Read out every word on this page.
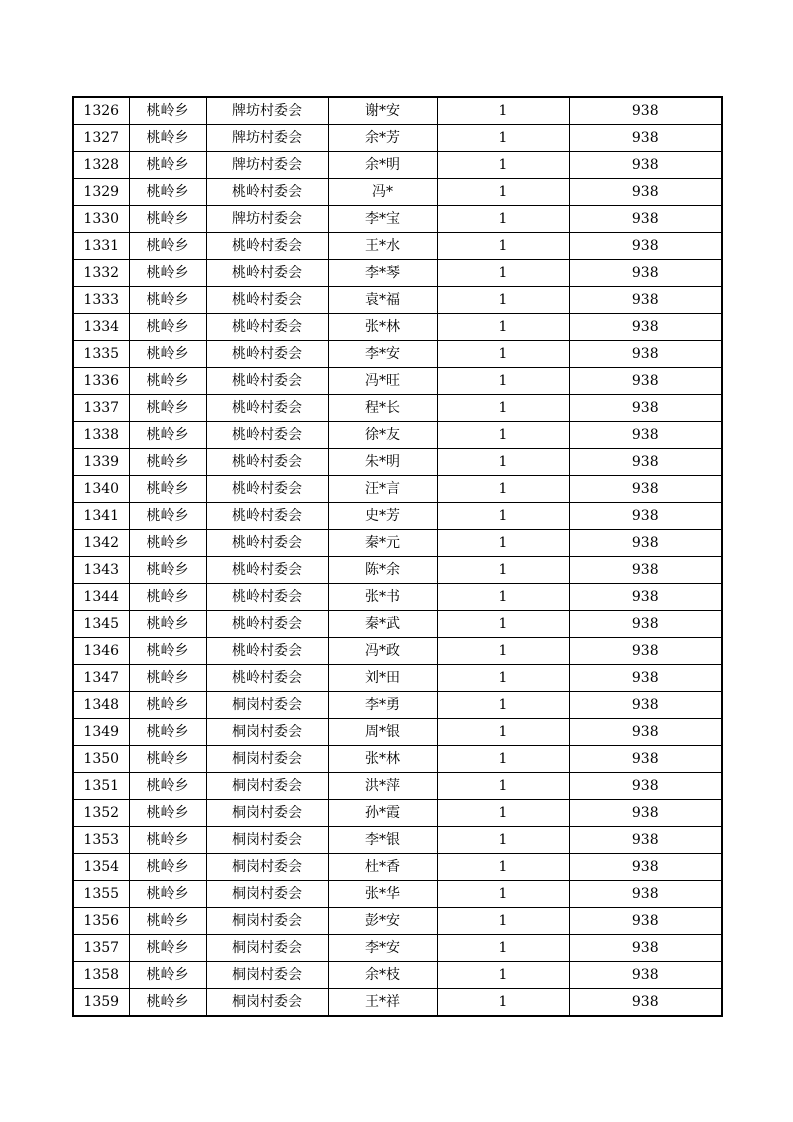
1326	桃岭乡	牌坊村委会	谢*安	1	938
1327	桃岭乡	牌坊村委会	余*芳	1	938
1328	桃岭乡	牌坊村委会	余*明	1	938
1329	桃岭乡	桃岭村委会	冯*	1	938
1330	桃岭乡	牌坊村委会	李*宝	1	938
1331	桃岭乡	桃岭村委会	王*水	1	938
1332	桃岭乡	桃岭村委会	李*琴	1	938
1333	桃岭乡	桃岭村委会	袁*福	1	938
1334	桃岭乡	桃岭村委会	张*林	1	938
1335	桃岭乡	桃岭村委会	李*安	1	938
1336	桃岭乡	桃岭村委会	冯*旺	1	938
1337	桃岭乡	桃岭村委会	程*长	1	938
1338	桃岭乡	桃岭村委会	徐*友	1	938
1339	桃岭乡	桃岭村委会	朱*明	1	938
1340	桃岭乡	桃岭村委会	汪*言	1	938
1341	桃岭乡	桃岭村委会	史*芳	1	938
1342	桃岭乡	桃岭村委会	秦*元	1	938
1343	桃岭乡	桃岭村委会	陈*余	1	938
1344	桃岭乡	桃岭村委会	张*书	1	938
1345	桃岭乡	桃岭村委会	秦*武	1	938
1346	桃岭乡	桃岭村委会	冯*政	1	938
1347	桃岭乡	桃岭村委会	刘*田	1	938
1348	桃岭乡	桐岗村委会	李*勇	1	938
1349	桃岭乡	桐岗村委会	周*银	1	938
1350	桃岭乡	桐岗村委会	张*林	1	938
1351	桃岭乡	桐岗村委会	洪*萍	1	938
1352	桃岭乡	桐岗村委会	孙*霞	1	938
1353	桃岭乡	桐岗村委会	李*银	1	938
1354	桃岭乡	桐岗村委会	杜*香	1	938
1355	桃岭乡	桐岗村委会	张*华	1	938
1356	桃岭乡	桐岗村委会	彭*安	1	938
1357	桃岭乡	桐岗村委会	李*安	1	938
1358	桃岭乡	桐岗村委会	余*枝	1	938
1359	桃岭乡	桐岗村委会	王*祥	1	938
